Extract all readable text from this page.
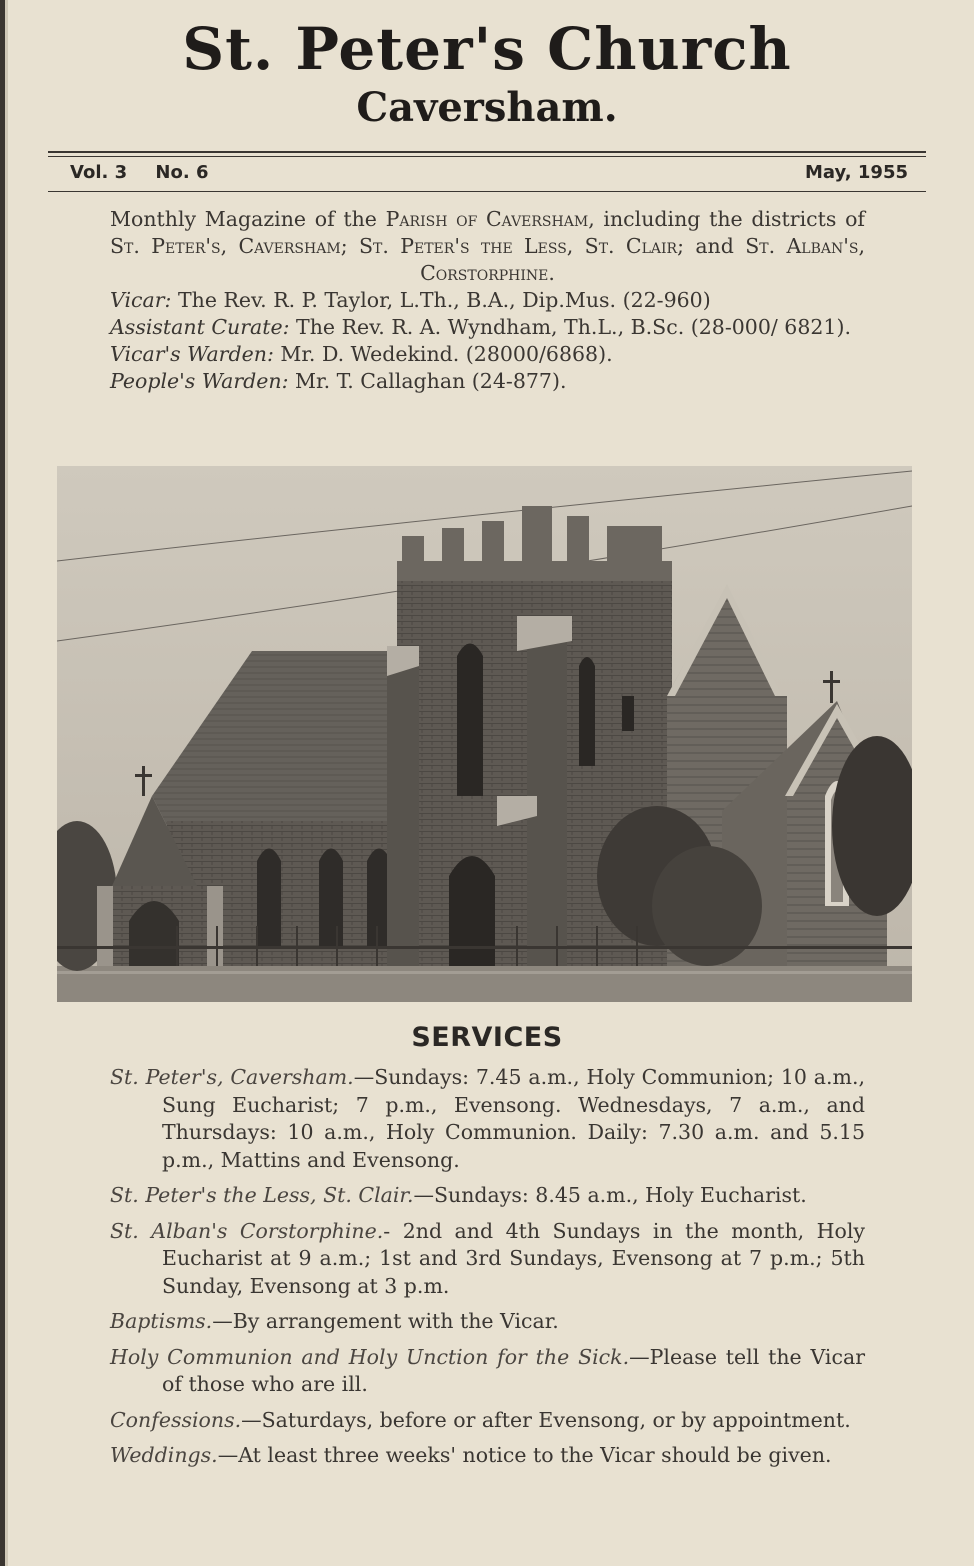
St. Peter's Church
Caversham.
Vol. 3 No. 6	May, 1955

Monthly Magazine of the Parish of Caversham, including the districts of St. Peter's, Caversham; St. Peter's the Less, St. Clair; and St. Alban's, Corstorphine.

Vicar: The Rev. R. P. Taylor, L.Th., B.A., Dip.Mus. (22-960)

Assistant Curate: The Rev. R. A. Wyndham, Th.L., B.Sc. (28-000/ 6821).

Vicar's Warden: Mr. D. Wedekind. (28000/6868).

People's Warden: Mr. T. Callaghan (24-877).

SERVICES

St. Peter's, Caversham.—Sundays: 7.45 a.m., Holy Communion; 10 a.m., Sung Eucharist; 7 p.m., Evensong. Wednesdays, 7 a.m., and Thursdays: 10 a.m., Holy Communion. Daily: 7.30 a.m. and 5.15 p.m., Mattins and Evensong.

St. Peter's the Less, St. Clair.—Sundays: 8.45 a.m., Holy Eucharist.

St. Alban's Corstorphine.- 2nd and 4th Sundays in the month, Holy Eucharist at 9 a.m.; 1st and 3rd Sundays, Evensong at 7 p.m.; 5th Sunday, Evensong at 3 p.m.

Baptisms.—By arrangement with the Vicar.

Holy Communion and Holy Unction for the Sick.—Please tell the Vicar of those who are ill.

Confessions.—Saturdays, before or after Evensong, or by appointment.

Weddings.—At least three weeks' notice to the Vicar should be given.
